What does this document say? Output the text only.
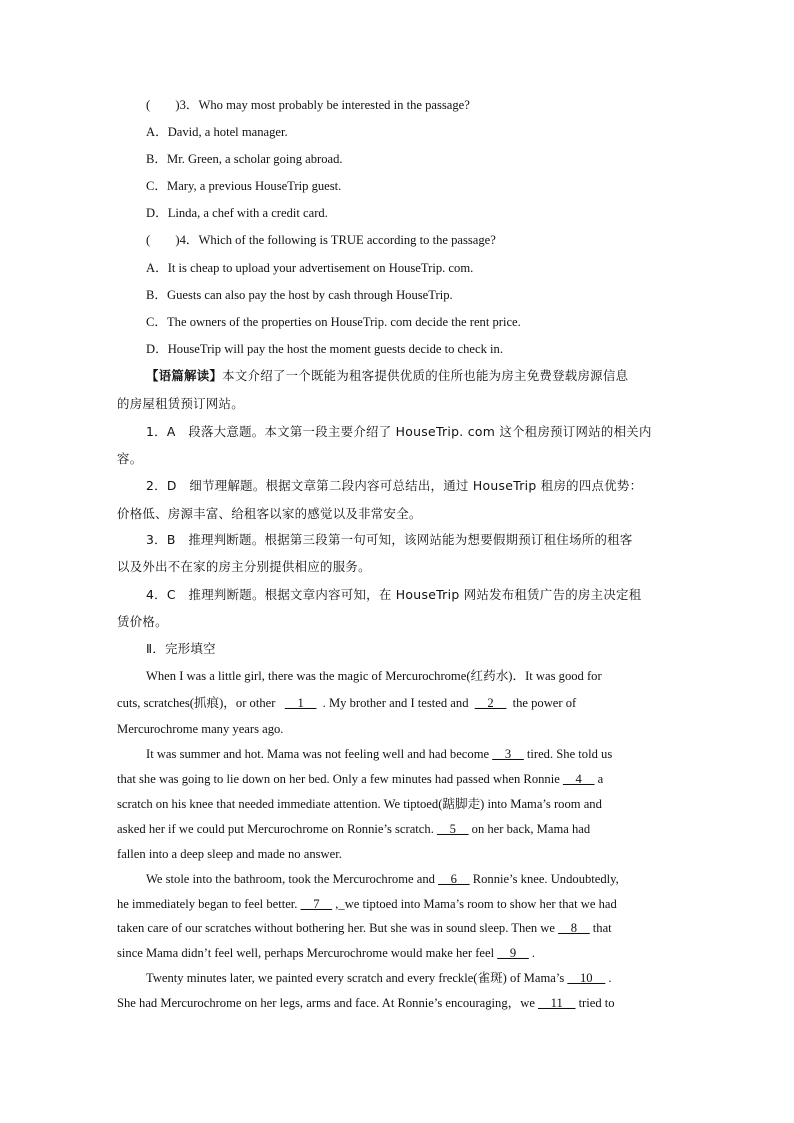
(　　)3．Who may most probably be interested in the passage?
A．David, a hotel manager.
B．Mr. Green, a scholar going abroad.
C．Mary, a previous HouseTrip guest.
D．Linda, a chef with a credit card.
(　　)4．Which of the following is TRUE according to the passage?
A．It is cheap to upload your advertisement on HouseTrip. com.
B．Guests can also pay the host by cash through HouseTrip.
C．The owners of the properties on HouseTrip. com decide the rent price.
D．HouseTrip will pay the host the moment guests decide to check in.
【语篇解读】本文介绍了一个既能为租客提供优质的住所也能为房主免费登载房源信息
的房屋租赁预订网站。
1．A　段落大意题。本文第一段主要介绍了 HouseTrip. com 这个租房预订网站的相关内
容。
2．D　细节理解题。根据文章第二段内容可总结出，通过 HouseTrip 租房的四点优势：
价格低、房源丰富、给租客以家的感觉以及非常安全。
3．B　推理判断题。根据第三段第一句可知，该网站能为想要假期预订租住场所的租客
以及外出不在家的房主分别提供相应的服务。
4．C　推理判断题。根据文章内容可知，在 HouseTrip 网站发布租赁广告的房主决定租
赁价格。
Ⅱ．完形填空
When I was a little girl, there was the magic of Mercurochrome(红药水)．It was good for
cuts, scratches(抓痕)，or other __1__ . My brother and I tested and __2__ the power of
Mercurochrome many years ago.
It was summer and hot. Mama was not feeling well and had become __3__ tired. She told us
that she was going to lie down on her bed. Only a few minutes had passed when Ronnie __4__ a
scratch on his knee that needed immediate attention. We tiptoed(踮脚走) into Mama’s room and
asked her if we could put Mercurochrome on Ronnie’s scratch. __5__ on her back, Mama had
fallen into a deep sleep and made no answer.
We stole into the bathroom, took the Mercurochrome and __6__ Ronnie’s knee. Undoubtedly,
he immediately began to feel better. __7__ ,_we tiptoed into Mama’s room to show her that we had
taken care of our scratches without bothering her. But she was in sound sleep. Then we __8__ that
since Mama didn’t feel well, perhaps Mercurochrome would make her feel __9__ .
Twenty minutes later, we painted every scratch and every freckle(雀斑) of Mama’s __10__ .
She had Mercurochrome on her legs, arms and face. At Ronnie’s encouraging，we __11__ tried to
